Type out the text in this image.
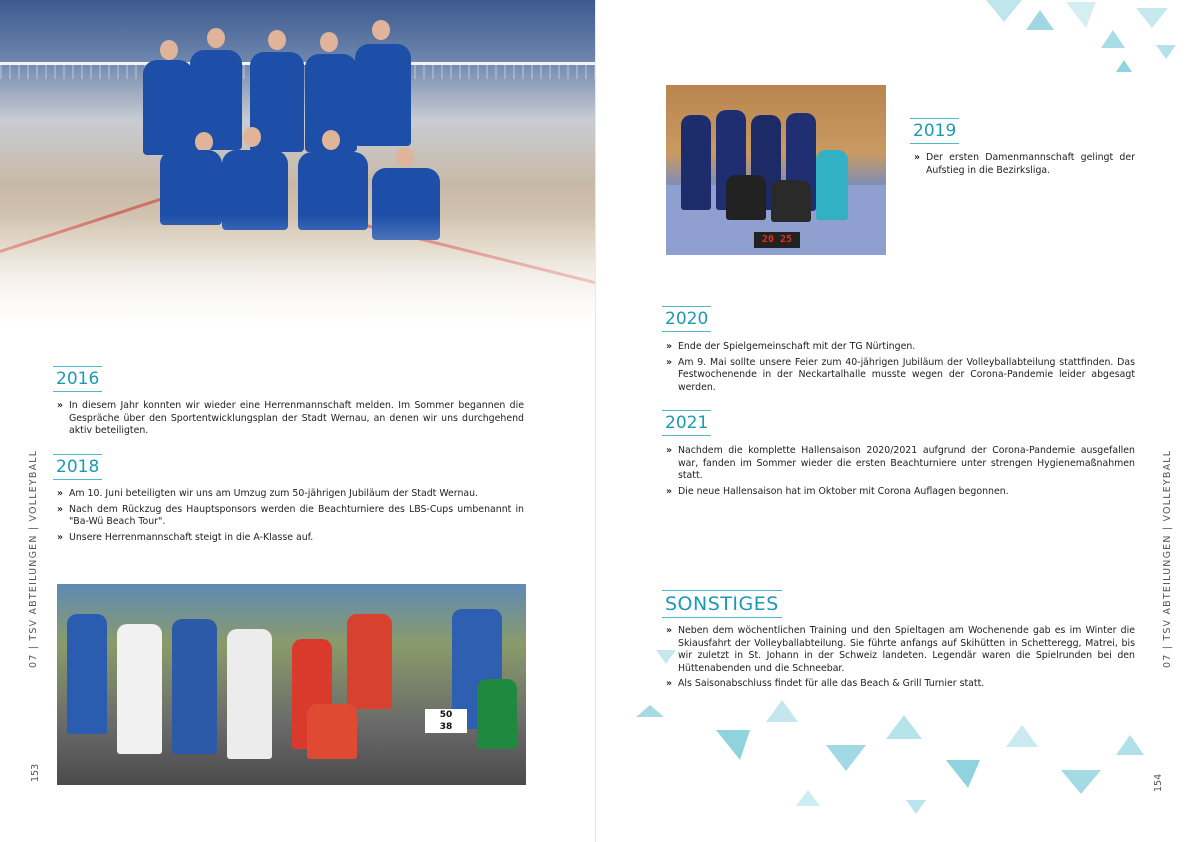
2016
» In diesem Jahr konnten wir wieder eine Herrenmannschaft melden. Im Sommer begannen die Gespräche über den Sportentwicklungsplan der Stadt Wernau, an denen wir uns durchgehend aktiv beteiligten.
2018
» Am 10. Juni beteiligten wir uns am Umzug zum 50-jährigen Jubiläum der Stadt Wernau.
» Nach dem Rückzug des Hauptsponsors werden die Beachturniere des LBS-Cups umbenannt in "Ba-Wü Beach Tour".
» Unsere Herrenmannschaft steigt in die A-Klasse auf.
50
38
07 | TSV ABTEILUNGEN | VOLLEYBALL
153
20 25
2019
» Der ersten Damenmannschaft gelingt der Aufstieg in die Bezirksliga.
2020
» Ende der Spielgemeinschaft mit der TG Nürtingen.
» Am 9. Mai sollte unsere Feier zum 40-jährigen Jubiläum der Volleyballabteilung stattfinden. Das Festwochenende in der Neckartalhalle musste wegen der Corona-Pandemie leider abgesagt werden.
2021
» Nachdem die komplette Hallensaison 2020/2021 aufgrund der Corona-Pandemie ausgefallen war, fanden im Sommer wieder die ersten Beachturniere unter strengen Hygienemaßnahmen statt.
» Die neue Hallensaison hat im Oktober mit Corona Auflagen begonnen.
SONSTIGES
» Neben dem wöchentlichen Training und den Spieltagen am Wochenende gab es im Winter die Skiausfahrt der Volleyballabteilung. Sie führte anfangs auf Skihütten in Schetteregg, Matrei, bis wir zuletzt in St. Johann in der Schweiz landeten. Legendär waren die Spielrunden bei den Hüttenabenden und die Schneebar.
» Als Saisonabschluss findet für alle das Beach & Grill Turnier statt.
07 | TSV ABTEILUNGEN | VOLLEYBALL
154
